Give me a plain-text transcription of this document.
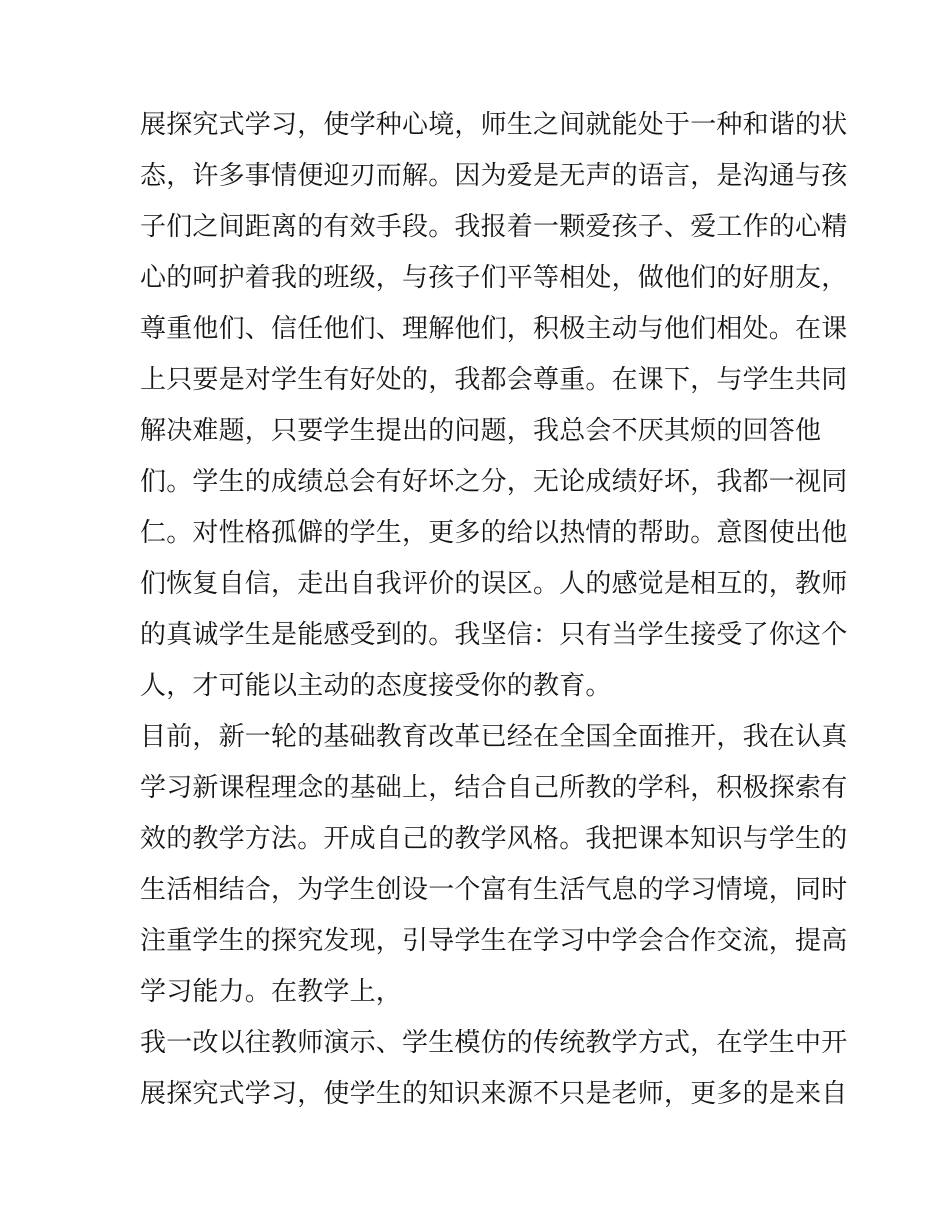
展探究式学习，使学种心境，师生之间就能处于一种和谐的状
态，许多事情便迎刃而解。因为爱是无声的语言，是沟通与孩
子们之间距离的有效手段。我报着一颗爱孩子、爱工作的心精
心的呵护着我的班级，与孩子们平等相处，做他们的好朋友，
尊重他们、信任他们、理解他们，积极主动与他们相处。在课
上只要是对学生有好处的，我都会尊重。在课下，与学生共同
解决难题，只要学生提出的问题，我总会不厌其烦的回答他
们。学生的成绩总会有好坏之分，无论成绩好坏，我都一视同
仁。对性格孤僻的学生，更多的给以热情的帮助。意图使出他
们恢复自信，走出自我评价的误区。人的感觉是相互的，教师
的真诚学生是能感受到的。我坚信：只有当学生接受了你这个
人，才可能以主动的态度接受你的教育。
目前，新一轮的基础教育改革已经在全国全面推开，我在认真
学习新课程理念的基础上，结合自己所教的学科，积极探索有
效的教学方法。开成自己的教学风格。我把课本知识与学生的
生活相结合，为学生创设一个富有生活气息的学习情境，同时
注重学生的探究发现，引导学生在学习中学会合作交流，提高
学习能力。在教学上，
我一改以往教师演示、学生模仿的传统教学方式，在学生中开
展探究式学习，使学生的知识来源不只是老师，更多的是来自
